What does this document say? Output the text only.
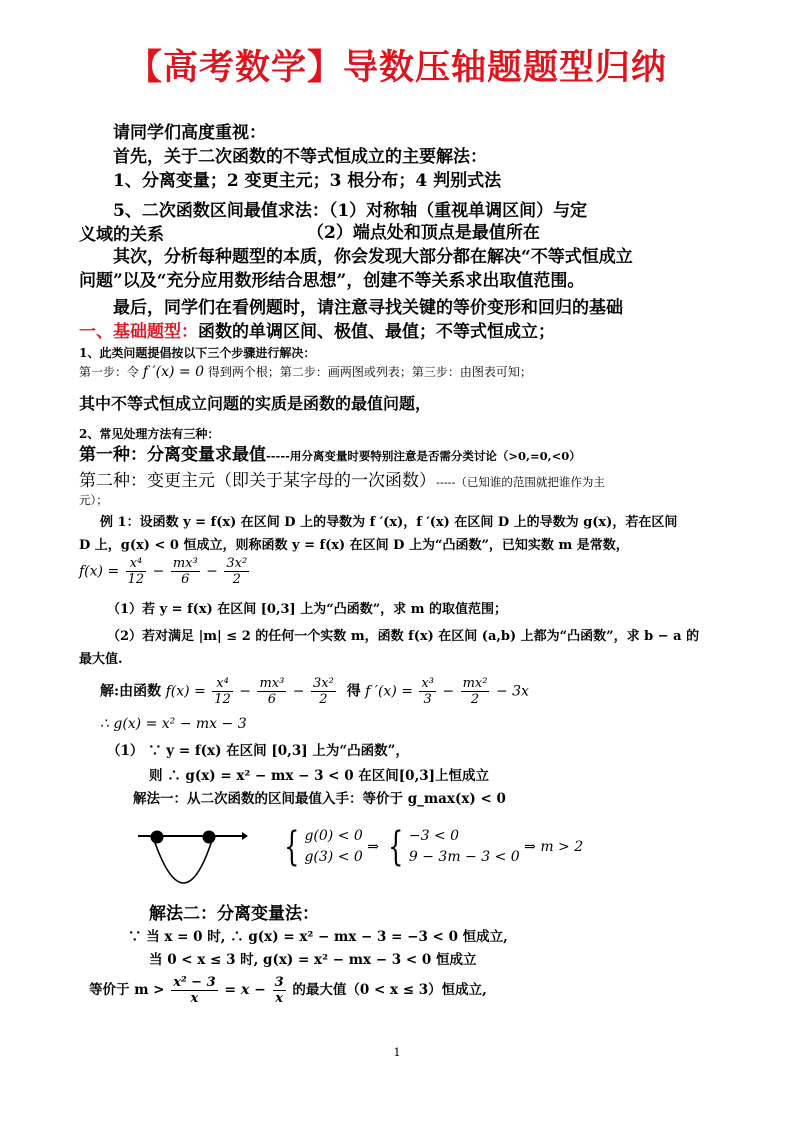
【高考数学】导数压轴题题型归纳
请同学们高度重视：
首先，关于二次函数的不等式恒成立的主要解法：
1、分离变量；2 变更主元；3 根分布；4 判别式法
5、二次函数区间最值求法：（1）对称轴（重视单调区间）与定
义域的关系	（2）端点处和顶点是最值所在
其次，分析每种题型的本质，你会发现大部分都在解决“不等式恒成立
问题”以及“充分应用数形结合思想”，创建不等关系求出取值范围。
最后，同学们在看例题时，请注意寻找关键的等价变形和回归的基础
一、基础题型：函数的单调区间、极值、最值；不等式恒成立；
1、此类问题提倡按以下三个步骤进行解决：
第一步：令 f ′(x) = 0 得到两个根；第二步：画两图或列表；第三步：由图表可知；
其中不等式恒成立问题的实质是函数的最值问题，
2、常见处理方法有三种：
第一种：分离变量求最值-----用分离变量时要特别注意是否需分类讨论（>0,=0,<0）
第二种：变更主元（即关于某字母的一次函数）-----（已知谁的范围就把谁作为主
元）；
例 1：设函数 y = f(x) 在区间 D 上的导数为 f ′(x)，f ′(x) 在区间 D 上的导数为 g(x)，若在区间
D 上，g(x) < 0 恒成立，则称函数 y = f(x) 在区间 D 上为“凸函数”，已知实数 m 是常数，
$f(x) = \frac{\text{x⁴}}{12} - \frac{\text{mx³}}{6} - \frac{\text{3x²}}{2}$
（1）若 y = f(x) 在区间 [0,3] 上为“凸函数”，求 m 的取值范围；
（2）若对满足 |m| ≤ 2 的任何一个实数 m，函数 f(x) 在区间 (a,b) 上都为“凸函数”，求 b − a 的
最大值.
解:由函数 $f(x) = \frac{\text{x⁴}}{12} - \frac{\text{mx³}}{6} - \frac{\text{3x²}}{2}$ 得 f $'(x) = \frac{\text{x³}}{3} - \frac{\text{mx²}}{2} - 3x$
∴ g(x) = x² − mx − 3
（1） ∵ y = f(x) 在区间 [0,3] 上为“凸函数”，
则 ∴ g(x) = x² − mx − 3 < 0 在区间[0,3]上恒成立
解法一：从二次函数的区间最值入手：等价于 g_max(x) < 0
{ g(0) < 0
g(3) < 0
⇒ { −3 < 0
9 − 3m − 3 < 0
⇒ m > 2
解法二：分离变量法：
∵ 当 x = 0 时, ∴ g(x) = x² − mx − 3 = −3 < 0 恒成立,
当 0 < x ≤ 3 时, g(x) = x² − mx − 3 < 0 恒成立
等价于 $m > \frac{\text{x² − 3}}{x} = x - \frac{3}{x}$ 的最大值（0 < x ≤ 3）恒成立,
1
